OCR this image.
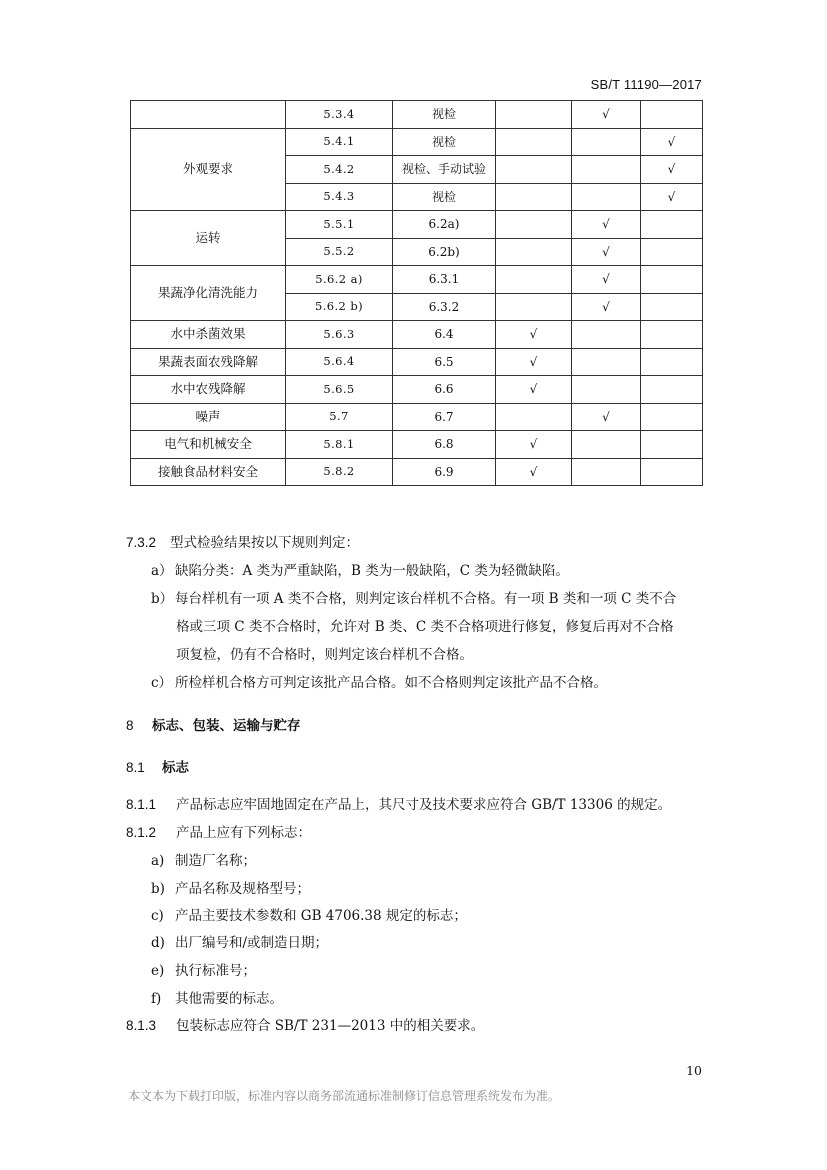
SB/T 11190—2017
	5.3.4	视检		√	
外观要求	5.4.1	视检			√
	5.4.2	视检、手动试验			√
	5.4.3	视检			√
运转	5.5.1	6.2a)		√	
	5.5.2	6.2b)		√	
果蔬净化清洗能力	5.6.2 a)	6.3.1		√	
	5.6.2 b)	6.3.2		√	
水中杀菌效果	5.6.3	6.4	√		
果蔬表面农残降解	5.6.4	6.5	√		
水中农残降解	5.6.5	6.6	√		
噪声	5.7	6.7		√	
电气和机械安全	5.8.1	6.8	√		
接触食品材料安全	5.8.2	6.9	√		
7.3.2 型式检验结果按以下规则判定：
a） 缺陷分类：A 类为严重缺陷，B 类为一般缺陷，C 类为轻微缺陷。
b） 每台样机有一项 A 类不合格，则判定该台样机不合格。有一项 B 类和一项 C 类不合
格或三项 C 类不合格时，允许对 B 类、C 类不合格项进行修复，修复后再对不合格
项复检，仍有不合格时，则判定该台样机不合格。
c） 所检样机合格方可判定该批产品合格。如不合格则判定该批产品不合格。
8 标志、包装、运输与贮存
8.1 标志
8.1.1 产品标志应牢固地固定在产品上，其尺寸及技术要求应符合 GB/T 13306 的规定。
8.1.2 产品上应有下列标志：
a) 制造厂名称；
b) 产品名称及规格型号；
c) 产品主要技术参数和 GB 4706.38 规定的标志；
d) 出厂编号和/或制造日期；
e) 执行标准号；
f) 其他需要的标志。
8.1.3 包装标志应符合 SB/T 231—2013 中的相关要求。
10
本文本为下载打印版，标准内容以商务部流通标准制修订信息管理系统发布为准。
